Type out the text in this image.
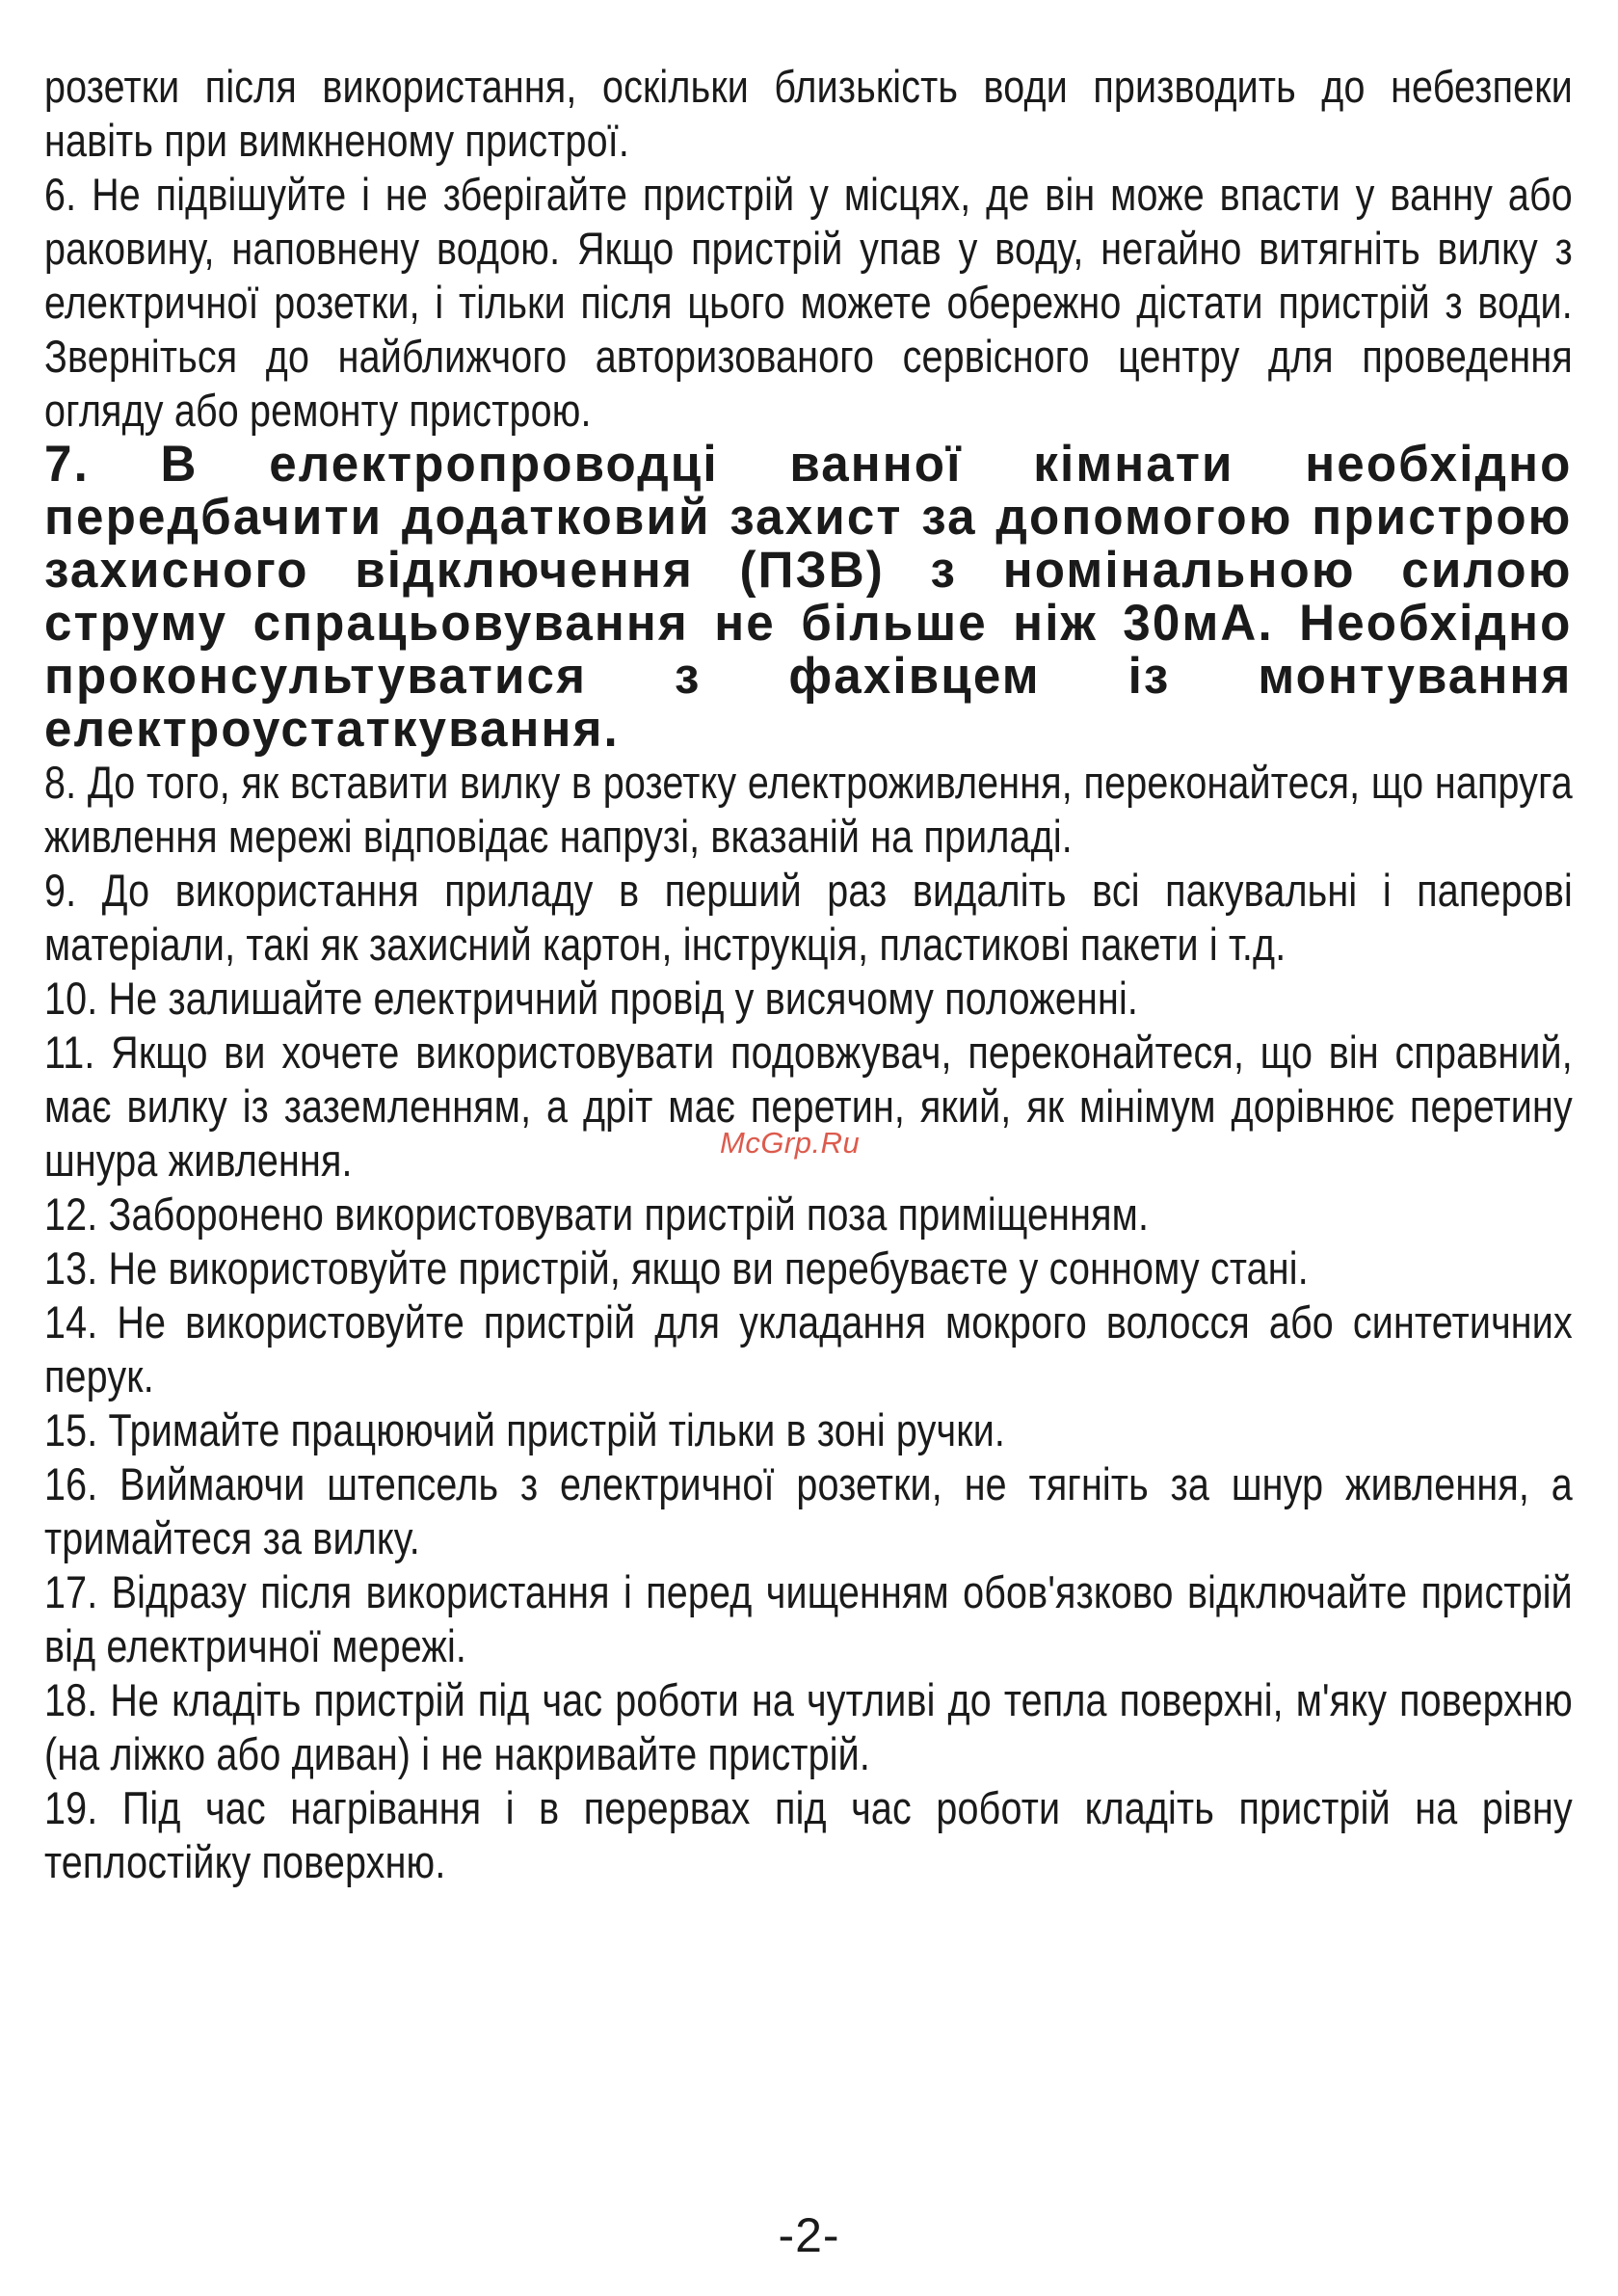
розетки після використання, оскільки близькість води призводить до небезпеки навіть при вимкненому пристрої.

6. Не підвішуйте і не зберігайте пристрій у місцях, де він може впасти у ванну або раковину, наповнену водою. Якщо пристрій упав у воду, негайно витягніть вилку з електричної розетки, і тільки після цього можете обережно дістати пристрій з води. Зверніться до найближчого авторизованого сервісного центру для проведення огляду або ремонту пристрою.

7. В електропроводці ванної кімнати необхідно передбачити додатковий захист за допомогою пристрою захисного відключення (ПЗВ) з номінальною силою струму спрацьовування не більше ніж 30мА. Необхідно проконсультуватися з фахівцем із монтування електроустаткування.

8. До того, як вставити вилку в розетку електроживлення, переконайтеся, що напруга живлення мережі відповідає напрузі, вказаній на приладі.

9. До використання приладу в перший раз видаліть всі пакувальні і паперові матеріали, такі як захисний картон, інструкція, пластикові пакети і т.д.

10. Не залишайте електричний провід у висячому положенні.

11. Якщо ви хочете використовувати подовжувач, переконайтеся, що він справний, має вилку із заземленням, а дріт має перетин, який, як мінімум дорівнює перетину шнура живлення.

12. Заборонено використовувати пристрій поза приміщенням.

13. Не використовуйте пристрій, якщо ви перебуваєте у сонному стані.

14. Не використовуйте пристрій для укладання мокрого волосся або синтетичних перук.

15. Тримайте працюючий пристрій тільки в зоні ручки.

16. Виймаючи штепсель з електричної розетки, не тягніть за шнур живлення, а тримайтеся за вилку.

17. Відразу після використання і перед чищенням обов'язково відключайте пристрій від електричної мережі.

18. Не кладіть пристрій під час роботи на чутливі до тепла поверхні, м'яку поверхню (на ліжко або диван) і не накривайте пристрій.

19. Під час нагрівання і в перервах під час роботи кладіть пристрій на рівну теплостійку поверхню.

McGrp.Ru
-2-
